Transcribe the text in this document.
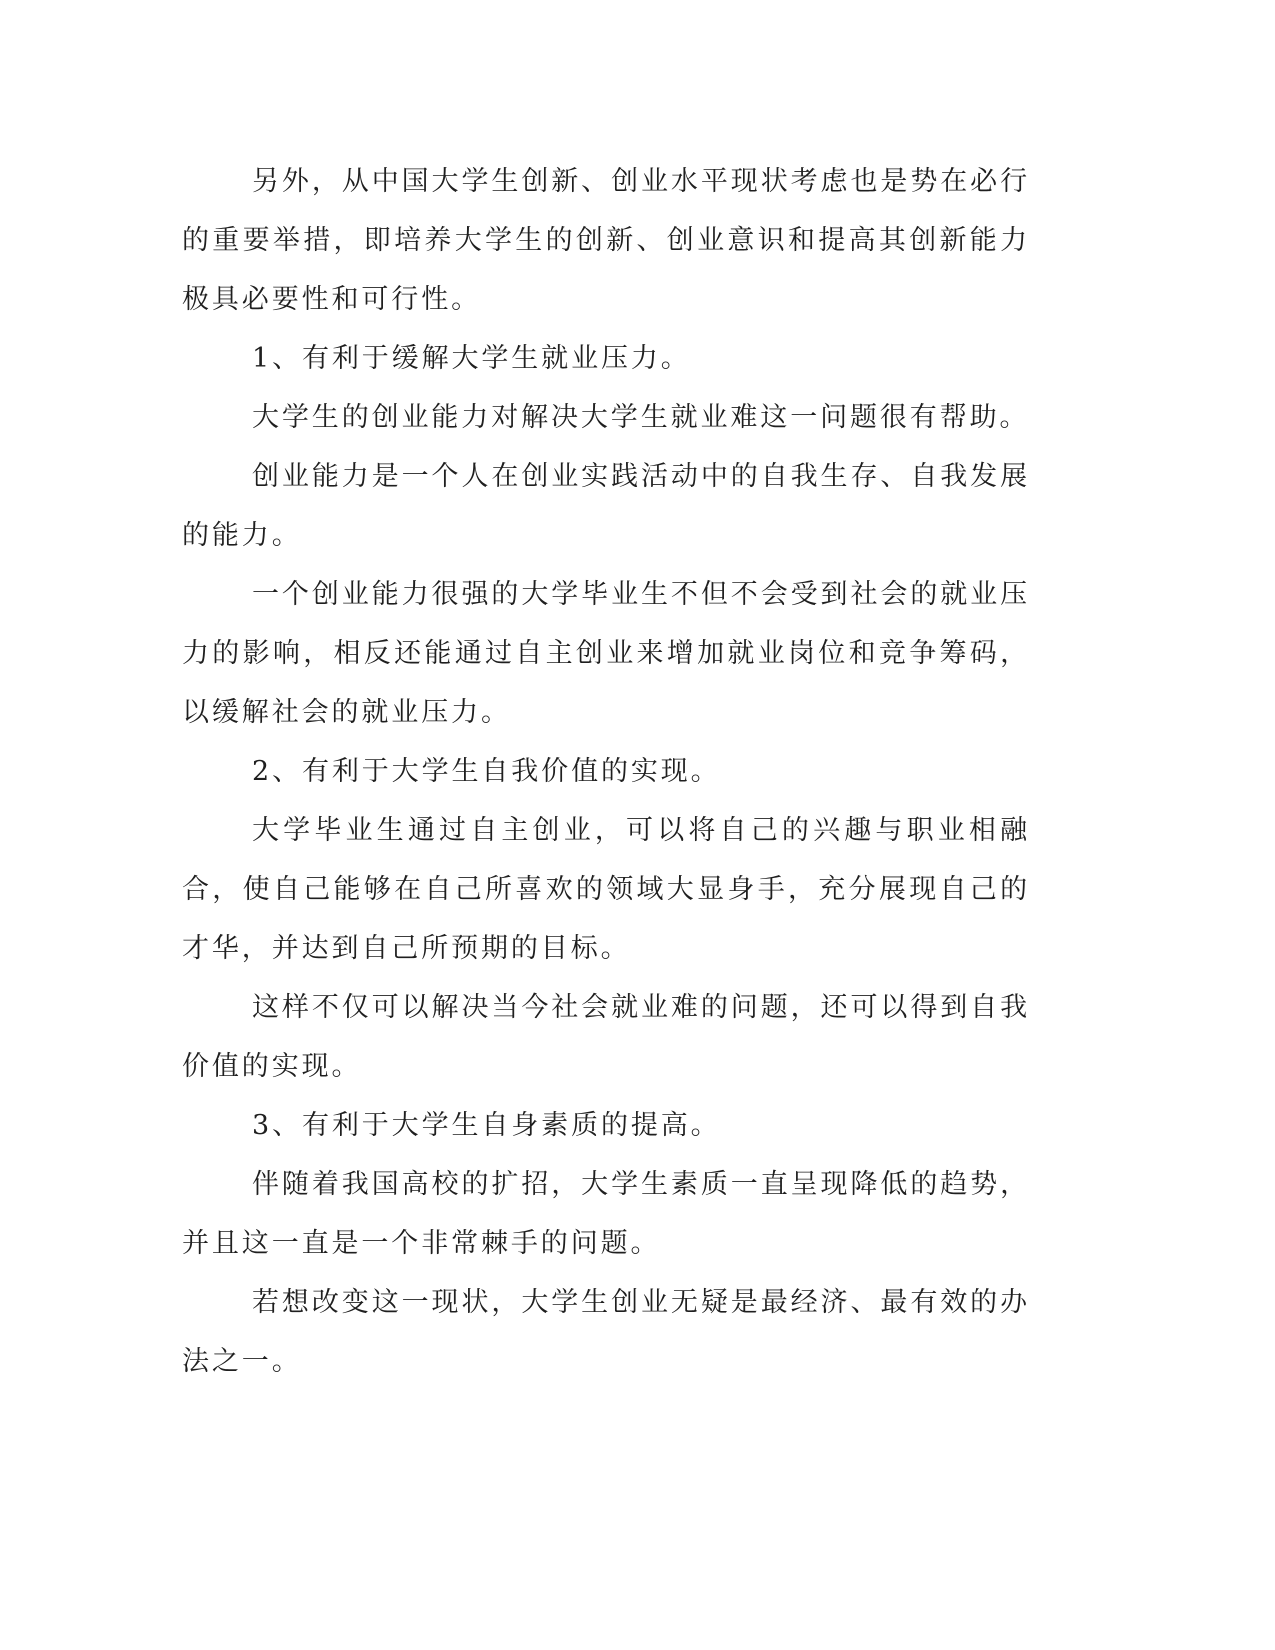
另外，从中国大学生创新、创业水平现状考虑也是势在必行的重要举措，即培养大学生的创新、创业意识和提高其创新能力极具必要性和可行性。

1、有利于缓解大学生就业压力。

大学生的创业能力对解决大学生就业难这一问题很有帮助。

创业能力是一个人在创业实践活动中的自我生存、自我发展的能力。

一个创业能力很强的大学毕业生不但不会受到社会的就业压力的影响，相反还能通过自主创业来增加就业岗位和竞争筹码，以缓解社会的就业压力。

2、有利于大学生自我价值的实现。

大学毕业生通过自主创业，可以将自己的兴趣与职业相融合，使自己能够在自己所喜欢的领域大显身手，充分展现自己的才华，并达到自己所预期的目标。

这样不仅可以解决当今社会就业难的问题，还可以得到自我价值的实现。

3、有利于大学生自身素质的提高。

伴随着我国高校的扩招，大学生素质一直呈现降低的趋势，并且这一直是一个非常棘手的问题。

若想改变这一现状，大学生创业无疑是最经济、最有效的办法之一。
